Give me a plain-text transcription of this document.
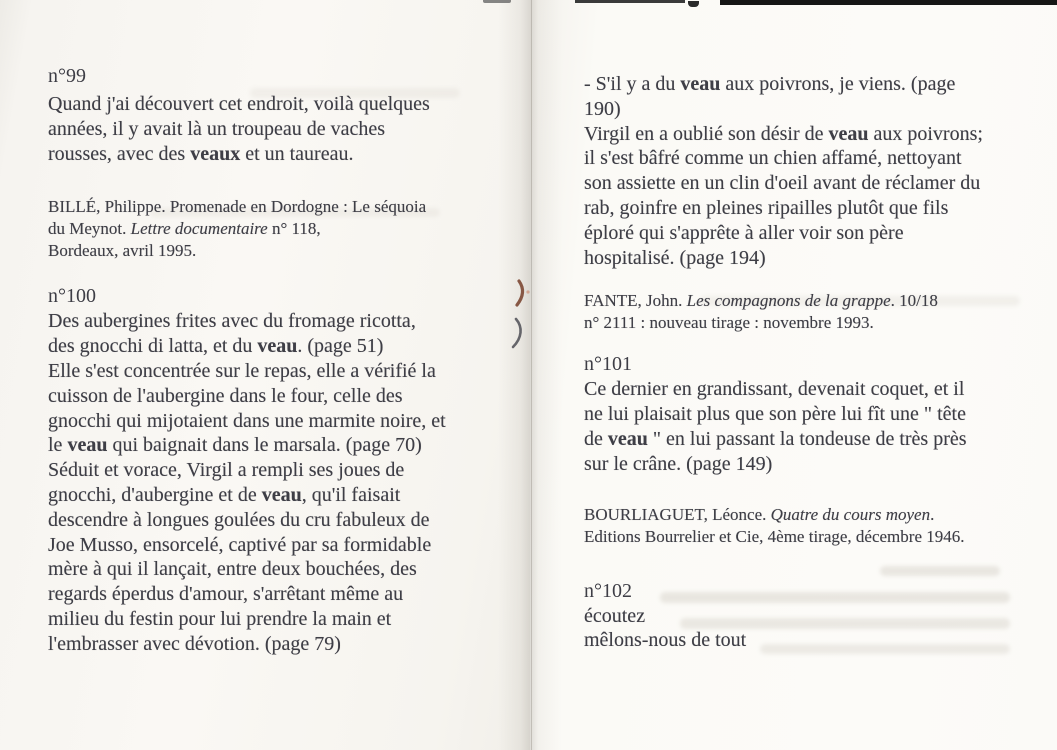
n°99
Quand j'ai découvert cet endroit, voilà quelques
années, il y avait là un troupeau de vaches
rousses, avec des veaux et un taureau.
BILLÉ, Philippe. Promenade en Dordogne : Le séquoia
du Meynot. Lettre documentaire n° 118,
Bordeaux, avril 1995.
n°100
Des aubergines frites avec du fromage ricotta,
des gnocchi di latta, et du veau. (page 51)
Elle s'est concentrée sur le repas, elle a vérifié la
cuisson de l'aubergine dans le four, celle des
gnocchi qui mijotaient dans une marmite noire, et
le veau qui baignait dans le marsala. (page 70)
Séduit et vorace, Virgil a rempli ses joues de
gnocchi, d'aubergine et de veau, qu'il faisait
descendre à longues goulées du cru fabuleux de
Joe Musso, ensorcelé, captivé par sa formidable
mère à qui il lançait, entre deux bouchées, des
regards éperdus d'amour, s'arrêtant même au
milieu du festin pour lui prendre la main et
l'embrasser avec dévotion. (page 79)
- S'il y a du veau aux poivrons, je viens. (page
190)
Virgil en a oublié son désir de veau aux poivrons;
il s'est bâfré comme un chien affamé, nettoyant
son assiette en un clin d'oeil avant de réclamer du
rab, goinfre en pleines ripailles plutôt que fils
éploré qui s'apprête à aller voir son père
hospitalisé. (page 194)
FANTE, John. Les compagnons de la grappe. 10/18
n° 2111 : nouveau tirage : novembre 1993.
n°101
Ce dernier en grandissant, devenait coquet, et il
ne lui plaisait plus que son père lui fît une " tête
de veau " en lui passant la tondeuse de très près
sur le crâne. (page 149)
BOURLIAGUET, Léonce. Quatre du cours moyen.
Editions Bourrelier et Cie, 4ème tirage, décembre 1946.
n°102
écoutez
mêlons-nous de tout
